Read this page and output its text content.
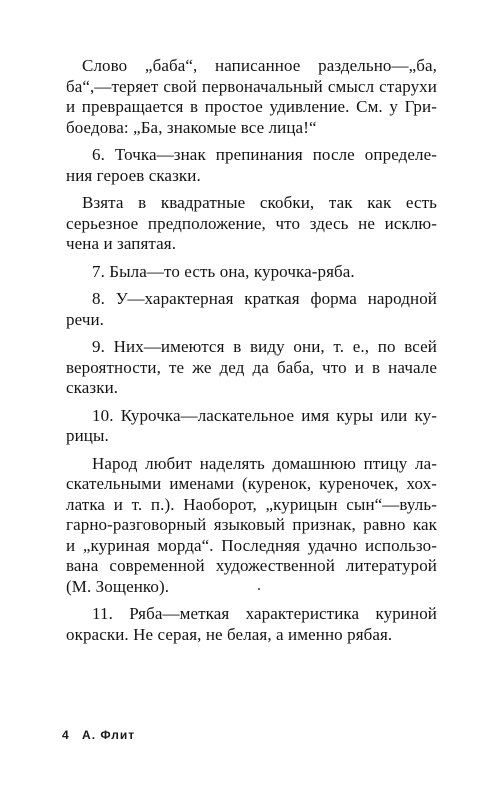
Слово „баба“, написанное раздельно—„ба,
ба“,—теряет свой первоначальный смысл старухи
и превращается в простое удивление. См. у Гри-
боедова: „Ба, знакомые все лица!“

6. Точка—знак препинания после определе-
ния героев сказки.

Взята в квадратные скобки, так как есть
серьезное предположение, что здесь не исклю-
чена и запятая.

7. Была—то есть она, курочка-ряба.

8. У—характерная краткая форма народной
речи.

9. Них—имеются в виду они, т. е., по всей
вероятности, те же дед да баба, что и в начале
сказки.

10. Курочка—ласкательное имя куры или ку-
рицы.

Народ любит наделять домашнюю птицу ла-
скательными именами (куренок, куреночек, хох-
латка и т. п.). Наоборот, „курицын сын“—вуль-
гарно-разговорный языковый признак, равно как
и „куриная морда“. Последняя удачно использо-
вана современной художественной литературой
(М. Зощенко).

11. Ряба—меткая характеристика куриной
окраски. Не серая, не белая, а именно рябая.

4 А. Флит
